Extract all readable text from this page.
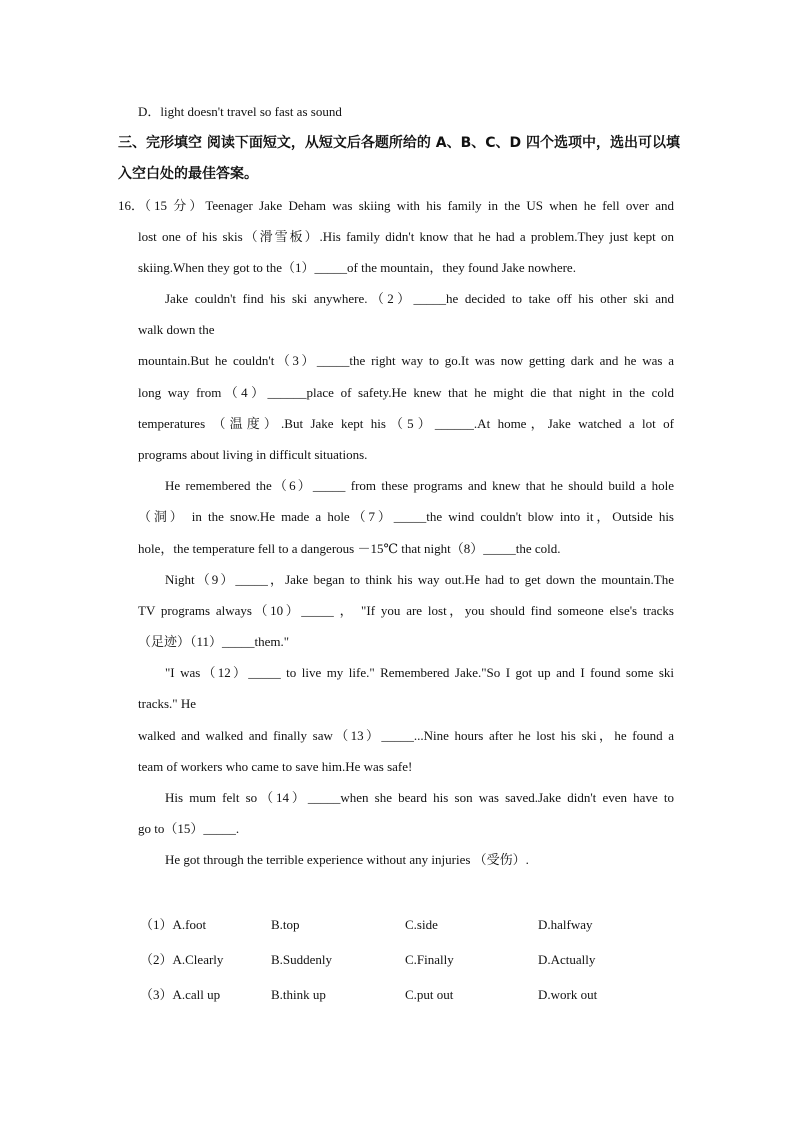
D．light doesn't travel so fast as sound
三、完形填空 阅读下面短文，从短文后各题所给的 A、B、C、D 四个选项中，选出可以填
入空白处的最佳答案。
16．
（15 分）Teenager Jake Deham was skiing with his family in the US when he fell over and
lost one of his skis（滑雪板）.His family didn't know that he had a problem.They just kept on
skiing.When they got to the（1）_____of the mountain，they found Jake nowhere.
Jake couldn't find his ski anywhere.（2）_____he decided to take off his other ski and
walk down the
mountain.But he couldn't（3）_____the right way to go.It was now getting dark and he was a
long way from（4）______place of safety.He knew that he might die that night in the cold
temperatures （温度）.But Jake kept his（5）______.At home，Jake watched a lot of
programs about living in difficult situations.
He remembered the（6）_____ from these programs and knew that he should build a hole
（洞） in the snow.He made a hole（7）_____the wind couldn't blow into it，Outside his
hole，the temperature fell to a dangerous －15℃ that night（8）_____the cold.
Night（9）_____，Jake began to think his way out.He had to get down the mountain.The
TV programs always（10）_____ ， "If you are lost，you should find someone else's tracks
（足迹）（11）_____them."
"I was（12）_____ to live my life." Remembered Jake."So I got up and I found some ski
tracks." He
walked and walked and finally saw（13）_____...Nine hours after he lost his ski，he found a
team of workers who came to save him.He was safe!
His mum felt so（14）_____when she beard his son was saved.Jake didn't even have to
go to（15）_____.
He got through the terrible experience without any injuries （受伤）.
（1）A.foot	B.top	C.side	D.halfway
（2）A.Clearly	B.Suddenly	C.Finally	D.Actually
（3）A.call up	B.think up	C.put out	D.work out
